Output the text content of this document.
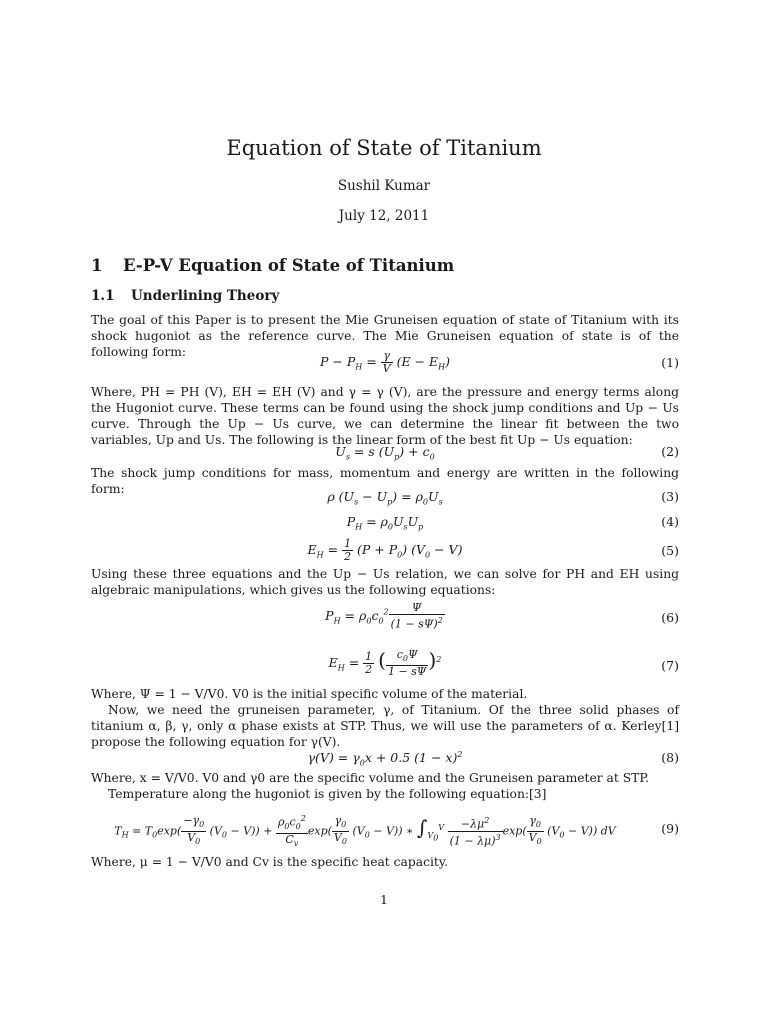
Equation of State of Titanium
Sushil Kumar
July 12, 2011
1 E-P-V Equation of State of Titanium
1.1 Underlining Theory
The goal of this Paper is to present the Mie Gruneisen equation of state of Titanium with its shock hugoniot as the reference curve. The Mie Gruneisen equation of state is of the following form:
$P - P_H = \frac{\gamma}{V} (E - E_H)$	(1)
Where, PH = PH (V), EH = EH (V) and γ = γ (V), are the pressure and energy terms along the Hugoniot curve. These terms can be found using the shock jump conditions and Up − Us curve. Through the Up − Us curve, we can determine the linear fit between the two variables, Up and Us. The following is the linear form of the best fit Up − Us equation:
$U_s = s$ $(U_p) + c_0$	(2)
The shock jump conditions for mass, momentum and energy are written in the following form:	ρ $(U_s - U_p) = \rho_0U_s$	(3)
$P_H = \rho_0U_sU_p$	(4)
$E_H = \frac{1}{2} (P + P_0) (V_0 - V)$	(5)
Using these three equations and the Up − Us relation, we can solve for PH and EH using algebraic manipulations, which gives us the following equations:
$P_H = \rho_0c_0^2 \frac{\Psi}{(1 - s\Psi)^2}$	(6)
$E_H = \frac{1}{2}$ ( $\frac{c_0\Psi}{1 - s\Psi} )^2$	(7)
Where, Ψ = 1 − V/V0. V0 is the initial specific volume of the material.
Now, we need the gruneisen parameter, γ, of Titanium. Of the three solid phases of titanium α, β, γ, only α phase exists at STP. Thus, we will use the parameters of α. Kerley[1] propose the following equation for γ(V).
$\gamma(V) = \gamma_0x + 0.5$ $(1 - x)^2$	(8)
Where, x = V/V0. V0 and γ0 are the specific volume and the Gruneisen parameter at STP.
Temperature along the hugoniot is given by the following equation:[3]
$T_H = T_0\exp( \frac{-\gamma_0}{V_0} (V_0 - V)) + \frac{\rho_0c_0^2}{C_v} \exp( \frac{\gamma_0}{V_0} (V_0 - V))$ ∗ $\int_{V_0}^V \frac{-\lambda\mu^2}{(1 - \lambda\mu)^3} \exp( \frac{\gamma_0}{V_0} (V_0 - V))$ dV	(9)
Where, μ = 1 − V/V0 and Cv is the specific heat capacity.
1
